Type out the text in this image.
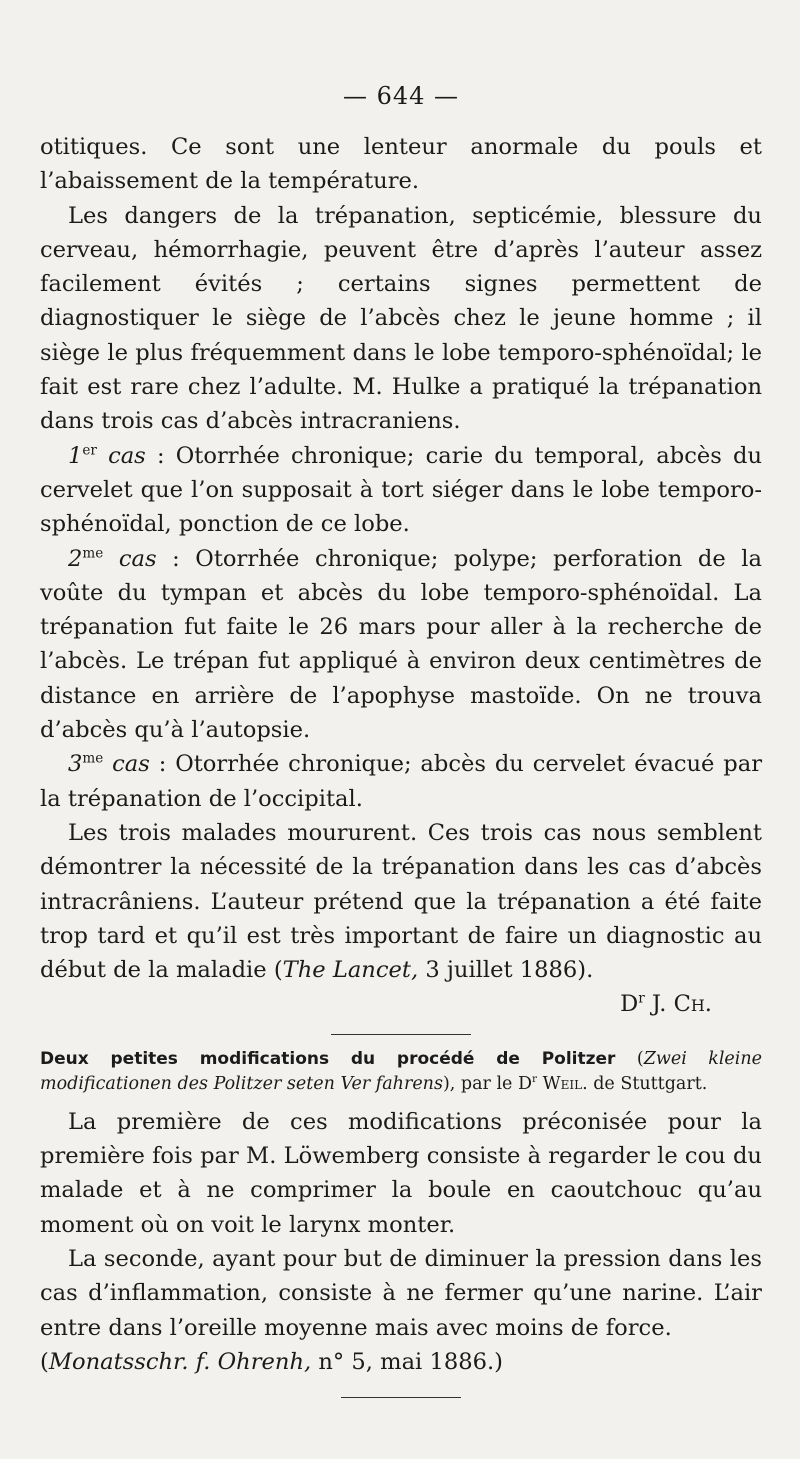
— 644 —

otitiques. Ce sont une lenteur anormale du pouls et l’abaissement de la température.

Les dangers de la trépanation, septicémie, blessure du cerveau, hémorrhagie, peuvent être d’après l’auteur assez facilement évités ; certains signes permettent de diagnostiquer le siège de l’abcès chez le jeune homme ; il siège le plus fréquemment dans le lobe temporo-sphénoïdal; le fait est rare chez l’adulte. M. Hulke a pratiqué la trépanation dans trois cas d’abcès intracraniens.

1er cas : Otorrhée chronique; carie du temporal, abcès du cervelet que l’on supposait à tort siéger dans le lobe temporo-sphénoïdal, ponction de ce lobe.

$2^{me}$ cas : Otorrhée chronique; polype; perforation de la voûte du tympan et abcès du lobe temporo-sphénoïdal. La trépanation fut faite le 26 mars pour aller à la recherche de l’abcès. Le trépan fut appliqué à environ deux centimètres de distance en arrière de l’apophyse mastoïde. On ne trouva d’abcès qu’à l’autopsie.

$3^{me}$ cas : Otorrhée chronique; abcès du cervelet évacué par la trépanation de l’occipital.

Les trois malades moururent. Ces trois cas nous semblent démontrer la nécessité de la trépanation dans les cas d’abcès intracrâniens. L’auteur prétend que la trépanation a été faite trop tard et qu’il est très important de faire un diagnostic au début de la maladie (The Lancet, 3 juillet 1886).

$D^r$ J. Ch.

Deux petites modifications du procédé de Politzer (Zwei kleine modificationen des Politzer seten Ver fahrens), par le $D^r$ Weil. de Stuttgart.

La première de ces modifications préconisée pour la première fois par M. Löwemberg consiste à regarder le cou du malade et à ne comprimer la boule en caoutchouc qu’au moment où on voit le larynx monter.

La seconde, ayant pour but de diminuer la pression dans les cas d’inflammation, consiste à ne fermer qu’une narine. L’air entre dans l’oreille moyenne mais avec moins de force.

(Monatsschr. f. Ohrenh, n° 5, mai 1886.)
